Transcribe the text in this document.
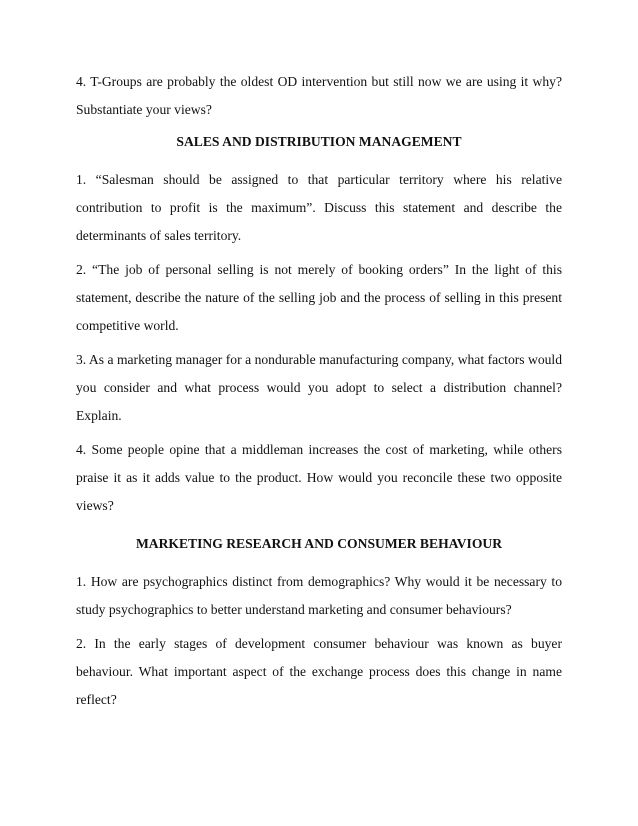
4. T-Groups are probably the oldest OD intervention but still now we are using it why? Substantiate your views?

SALES AND DISTRIBUTION MANAGEMENT

1. “Salesman should be assigned to that particular territory where his relative contribution to profit is the maximum”. Discuss this statement and describe the determinants of sales territory.

2. “The job of personal selling is not merely of booking orders” In the light of this statement, describe the nature of the selling job and the process of selling in this present competitive world.

3. As a marketing manager for a nondurable manufacturing company, what factors would you consider and what process would you adopt to select a distribution channel? Explain.

4. Some people opine that a middleman increases the cost of marketing, while others praise it as it adds value to the product. How would you reconcile these two opposite views?

MARKETING RESEARCH AND CONSUMER BEHAVIOUR

1. How are psychographics distinct from demographics? Why would it be necessary to study psychographics to better understand marketing and consumer behaviours?

2. In the early stages of development consumer behaviour was known as buyer behaviour. What important aspect of the exchange process does this change in name reflect?
